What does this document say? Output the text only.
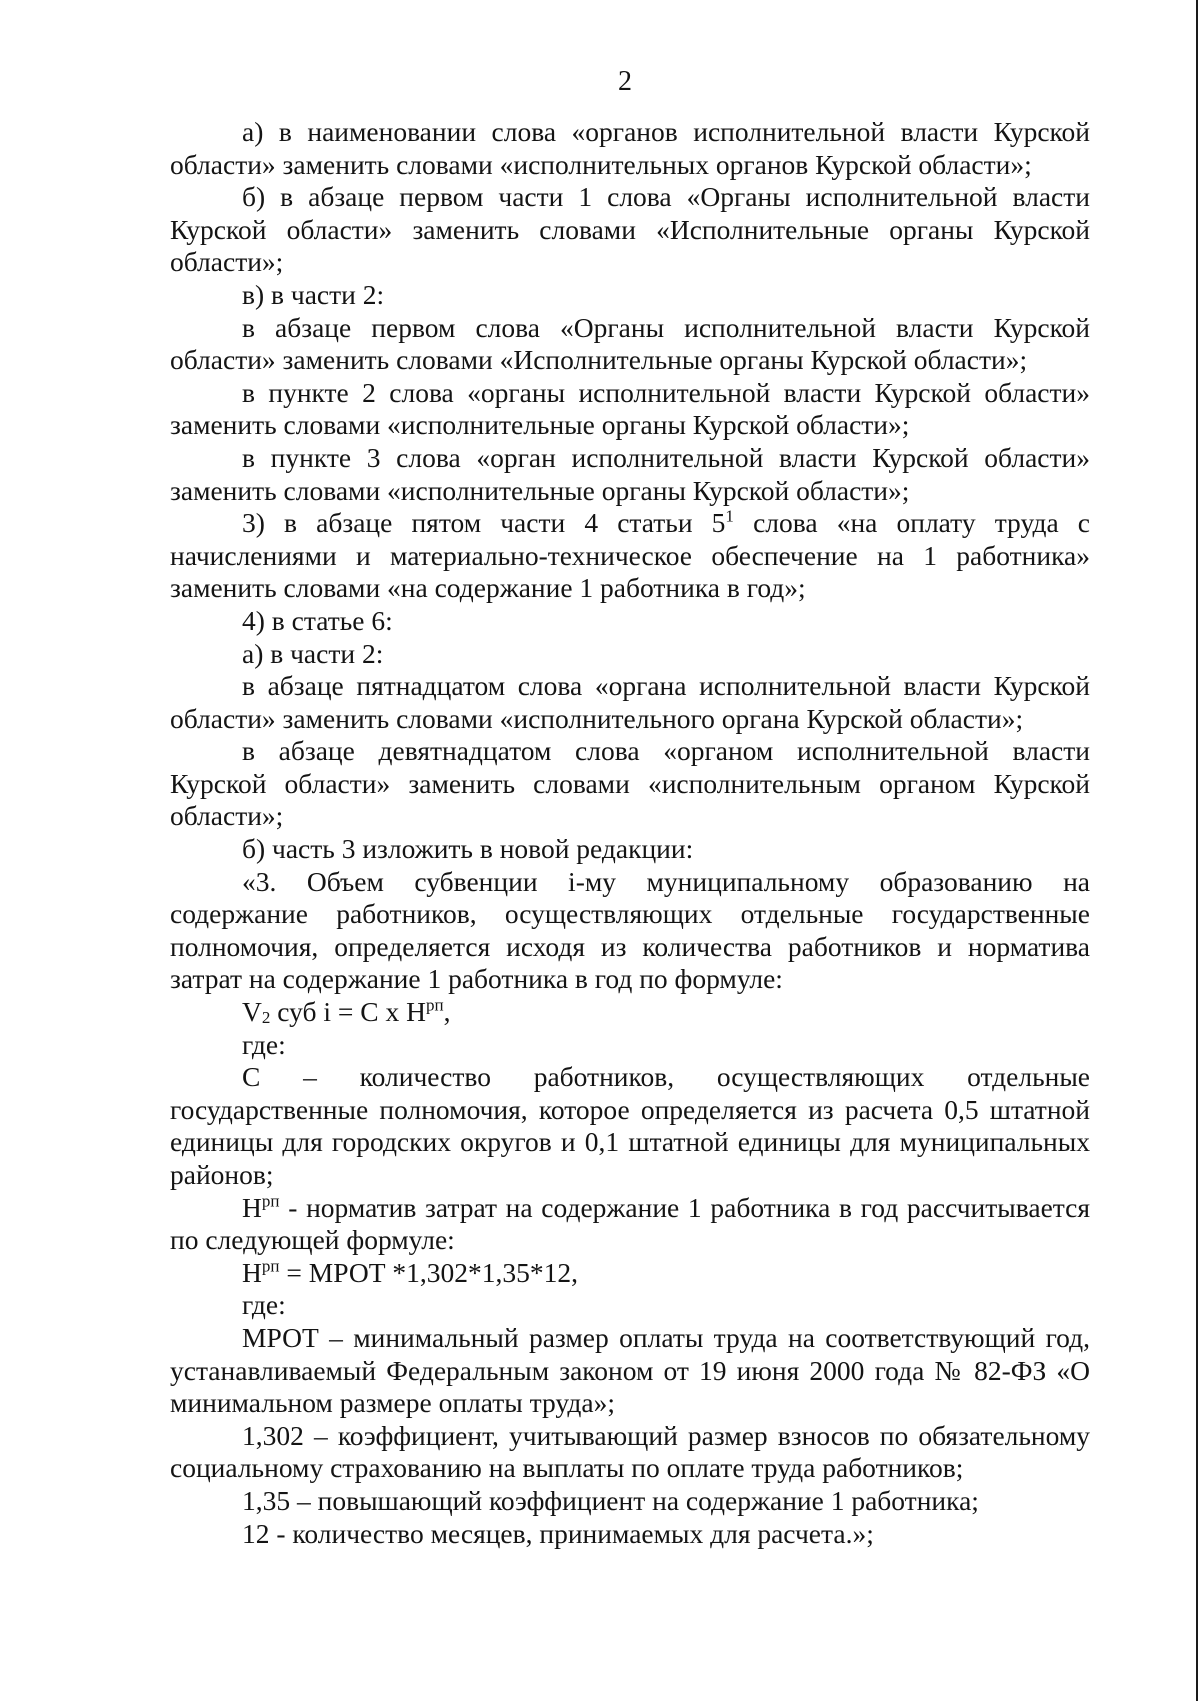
2

а) в наименовании слова «органов исполнительной власти Курской области» заменить словами «исполнительных органов Курской области»;

б) в абзаце первом части 1 слова «Органы исполнительной власти Курской области» заменить словами «Исполнительные органы Курской области»;

в) в части 2:

в абзаце первом слова «Органы исполнительной власти Курской области» заменить словами «Исполнительные органы Курской области»;

в пункте 2 слова «органы исполнительной власти Курской области» заменить словами «исполнительные органы Курской области»;

в пункте 3 слова «орган исполнительной власти Курской области» заменить словами «исполнительные органы Курской области»;

3) в абзаце пятом части 4 статьи $5^1$ слова «на оплату труда с начислениями и материально-техническое обеспечение на 1 работника» заменить словами «на содержание 1 работника в год»;

4) в статье 6:

а) в части 2:

в абзаце пятнадцатом слова «органа исполнительной власти Курской области» заменить словами «исполнительного органа Курской области»;

в абзаце девятнадцатом слова «органом исполнительной власти Курской области» заменить словами «исполнительным органом Курской области»;

б) часть 3 изложить в новой редакции:

«3. Объем субвенции i-му муниципальному образованию на содержание работников, осуществляющих отдельные государственные полномочия, определяется исходя из количества работников и норматива затрат на содержание 1 работника в год по формуле:

$V_2$ суб i = С х $Н^{рп}$,

где:

С – количество работников, осуществляющих отдельные государственные полномочия, которое определяется из расчета 0,5 штатной единицы для городских округов и 0,1 штатной единицы для муниципальных районов;

$Н^{рп}$ - норматив затрат на содержание 1 работника в год рассчитывается по следующей формуле:

$Н^{рп}$ = МРОТ *1,302*1,35*12,

где:

МРОТ – минимальный размер оплаты труда на соответствующий год, устанавливаемый Федеральным законом от 19 июня 2000 года № 82-ФЗ «О минимальном размере оплаты труда»;

1,302 – коэффициент, учитывающий размер взносов по обязательному социальному страхованию на выплаты по оплате труда работников;

1,35 – повышающий коэффициент на содержание 1 работника;

12 - количество месяцев, принимаемых для расчета.»;
